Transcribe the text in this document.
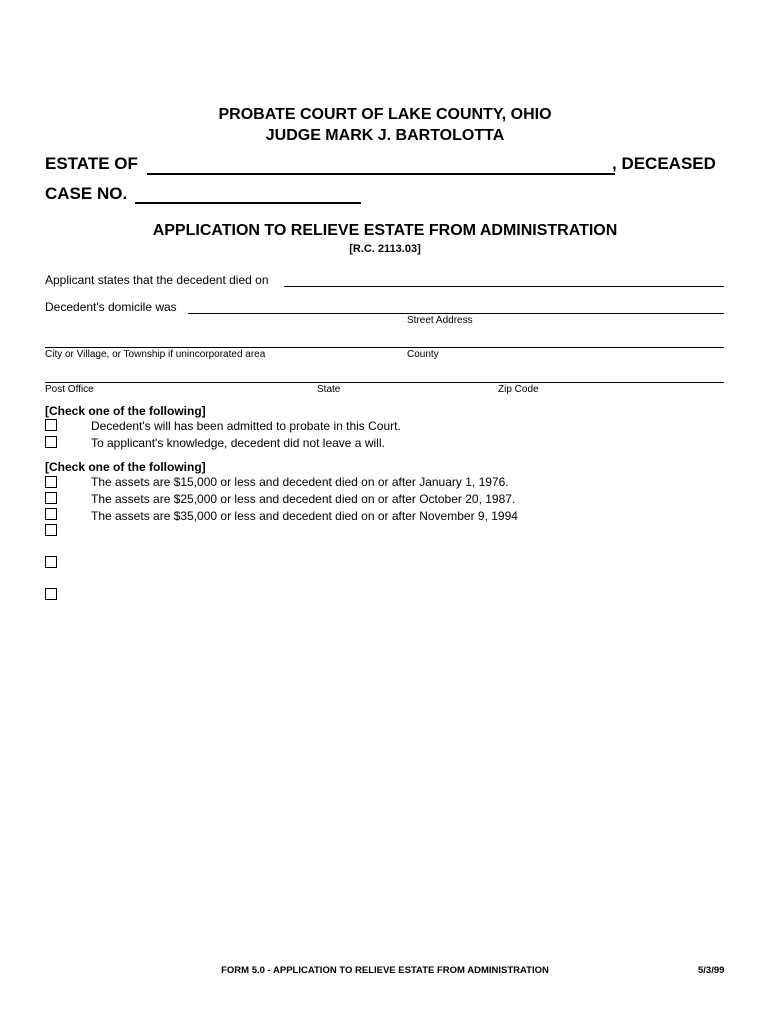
PROBATE COURT OF LAKE COUNTY, OHIO
JUDGE MARK J. BARTOLOTTA
ESTATE OF	, DECEASED
CASE NO.
APPLICATION TO RELIEVE ESTATE FROM ADMINISTRATION
[R.C. 2113.03]
Applicant states that the decedent died on
Decedent's domicile was
Street Address
City or Village, or Township if unincorporated area	County
Post Office	State	Zip Code
[Check one of the following]
Decedent's will has been admitted to probate in this Court.
To applicant's knowledge, decedent did not leave a will.
[Check one of the following]
The assets are $15,000 or less and decedent died on or after January 1, 1976.
The assets are $25,000 or less and decedent died on or after October 20, 1987.
The assets are $35,000 or less and decedent died on or after November 9, 1994
FORM 5.0 - APPLICATION TO RELIEVE ESTATE FROM ADMINISTRATION	5/3/99
